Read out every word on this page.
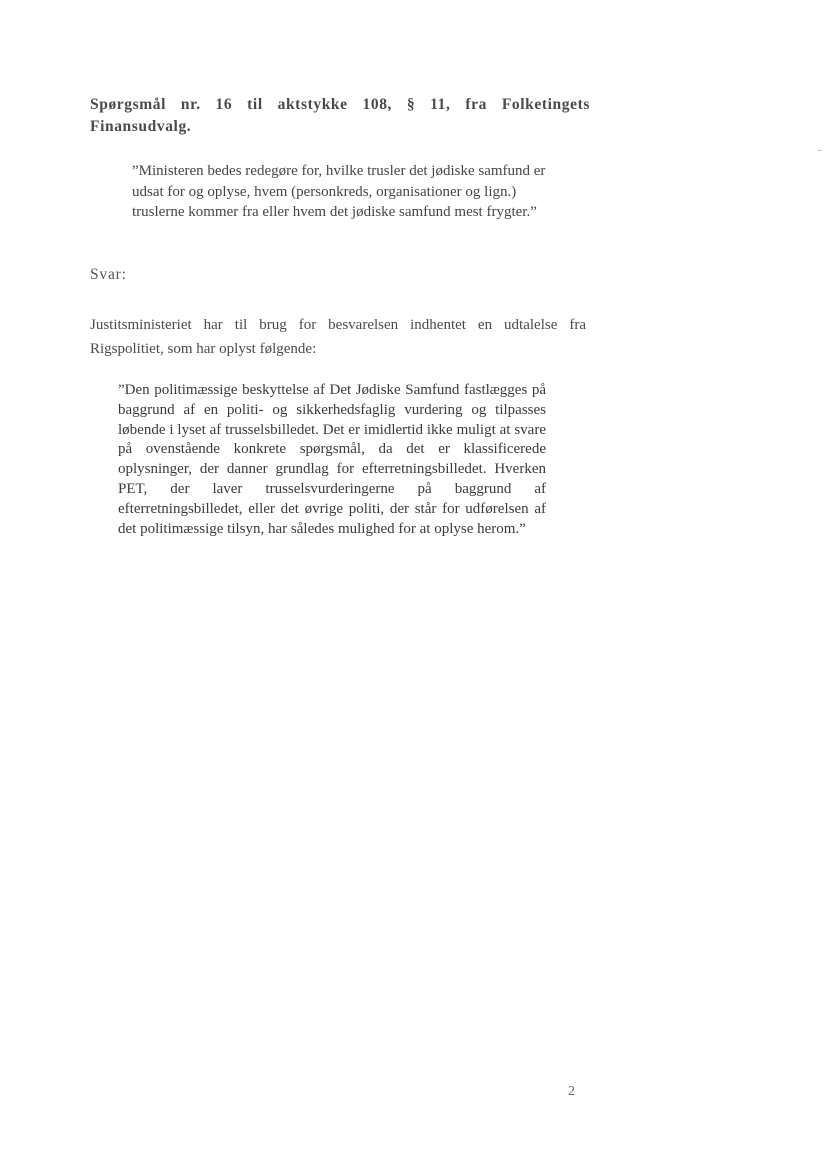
Spørgsmål nr. 16 til aktstykke 108, § 11, fra Folketingets Finansudvalg.
”Ministeren bedes redegøre for, hvilke trusler det jødiske samfund er udsat for og oplyse, hvem (personkreds, organisationer og lign.) truslerne kommer fra eller hvem det jødiske samfund mest frygter.”
Svar:
Justitsministeriet har til brug for besvarelsen indhentet en udtalelse fra Rigspolitiet, som har oplyst følgende:
”Den politimæssige beskyttelse af Det Jødiske Samfund fastlægges på baggrund af en politi- og sikkerhedsfaglig vurdering og tilpasses løbende i lyset af trusselsbilledet. Det er imidlertid ikke muligt at svare på ovenstående konkrete spørgsmål, da det er klassificerede oplysninger, der danner grundlag for efterretningsbilledet. Hverken PET, der laver trusselsvurderingerne på baggrund af efterretningsbilledet, eller det øvrige politi, der står for udførelsen af det politimæssige tilsyn, har således mulighed for at oplyse herom.”
2
